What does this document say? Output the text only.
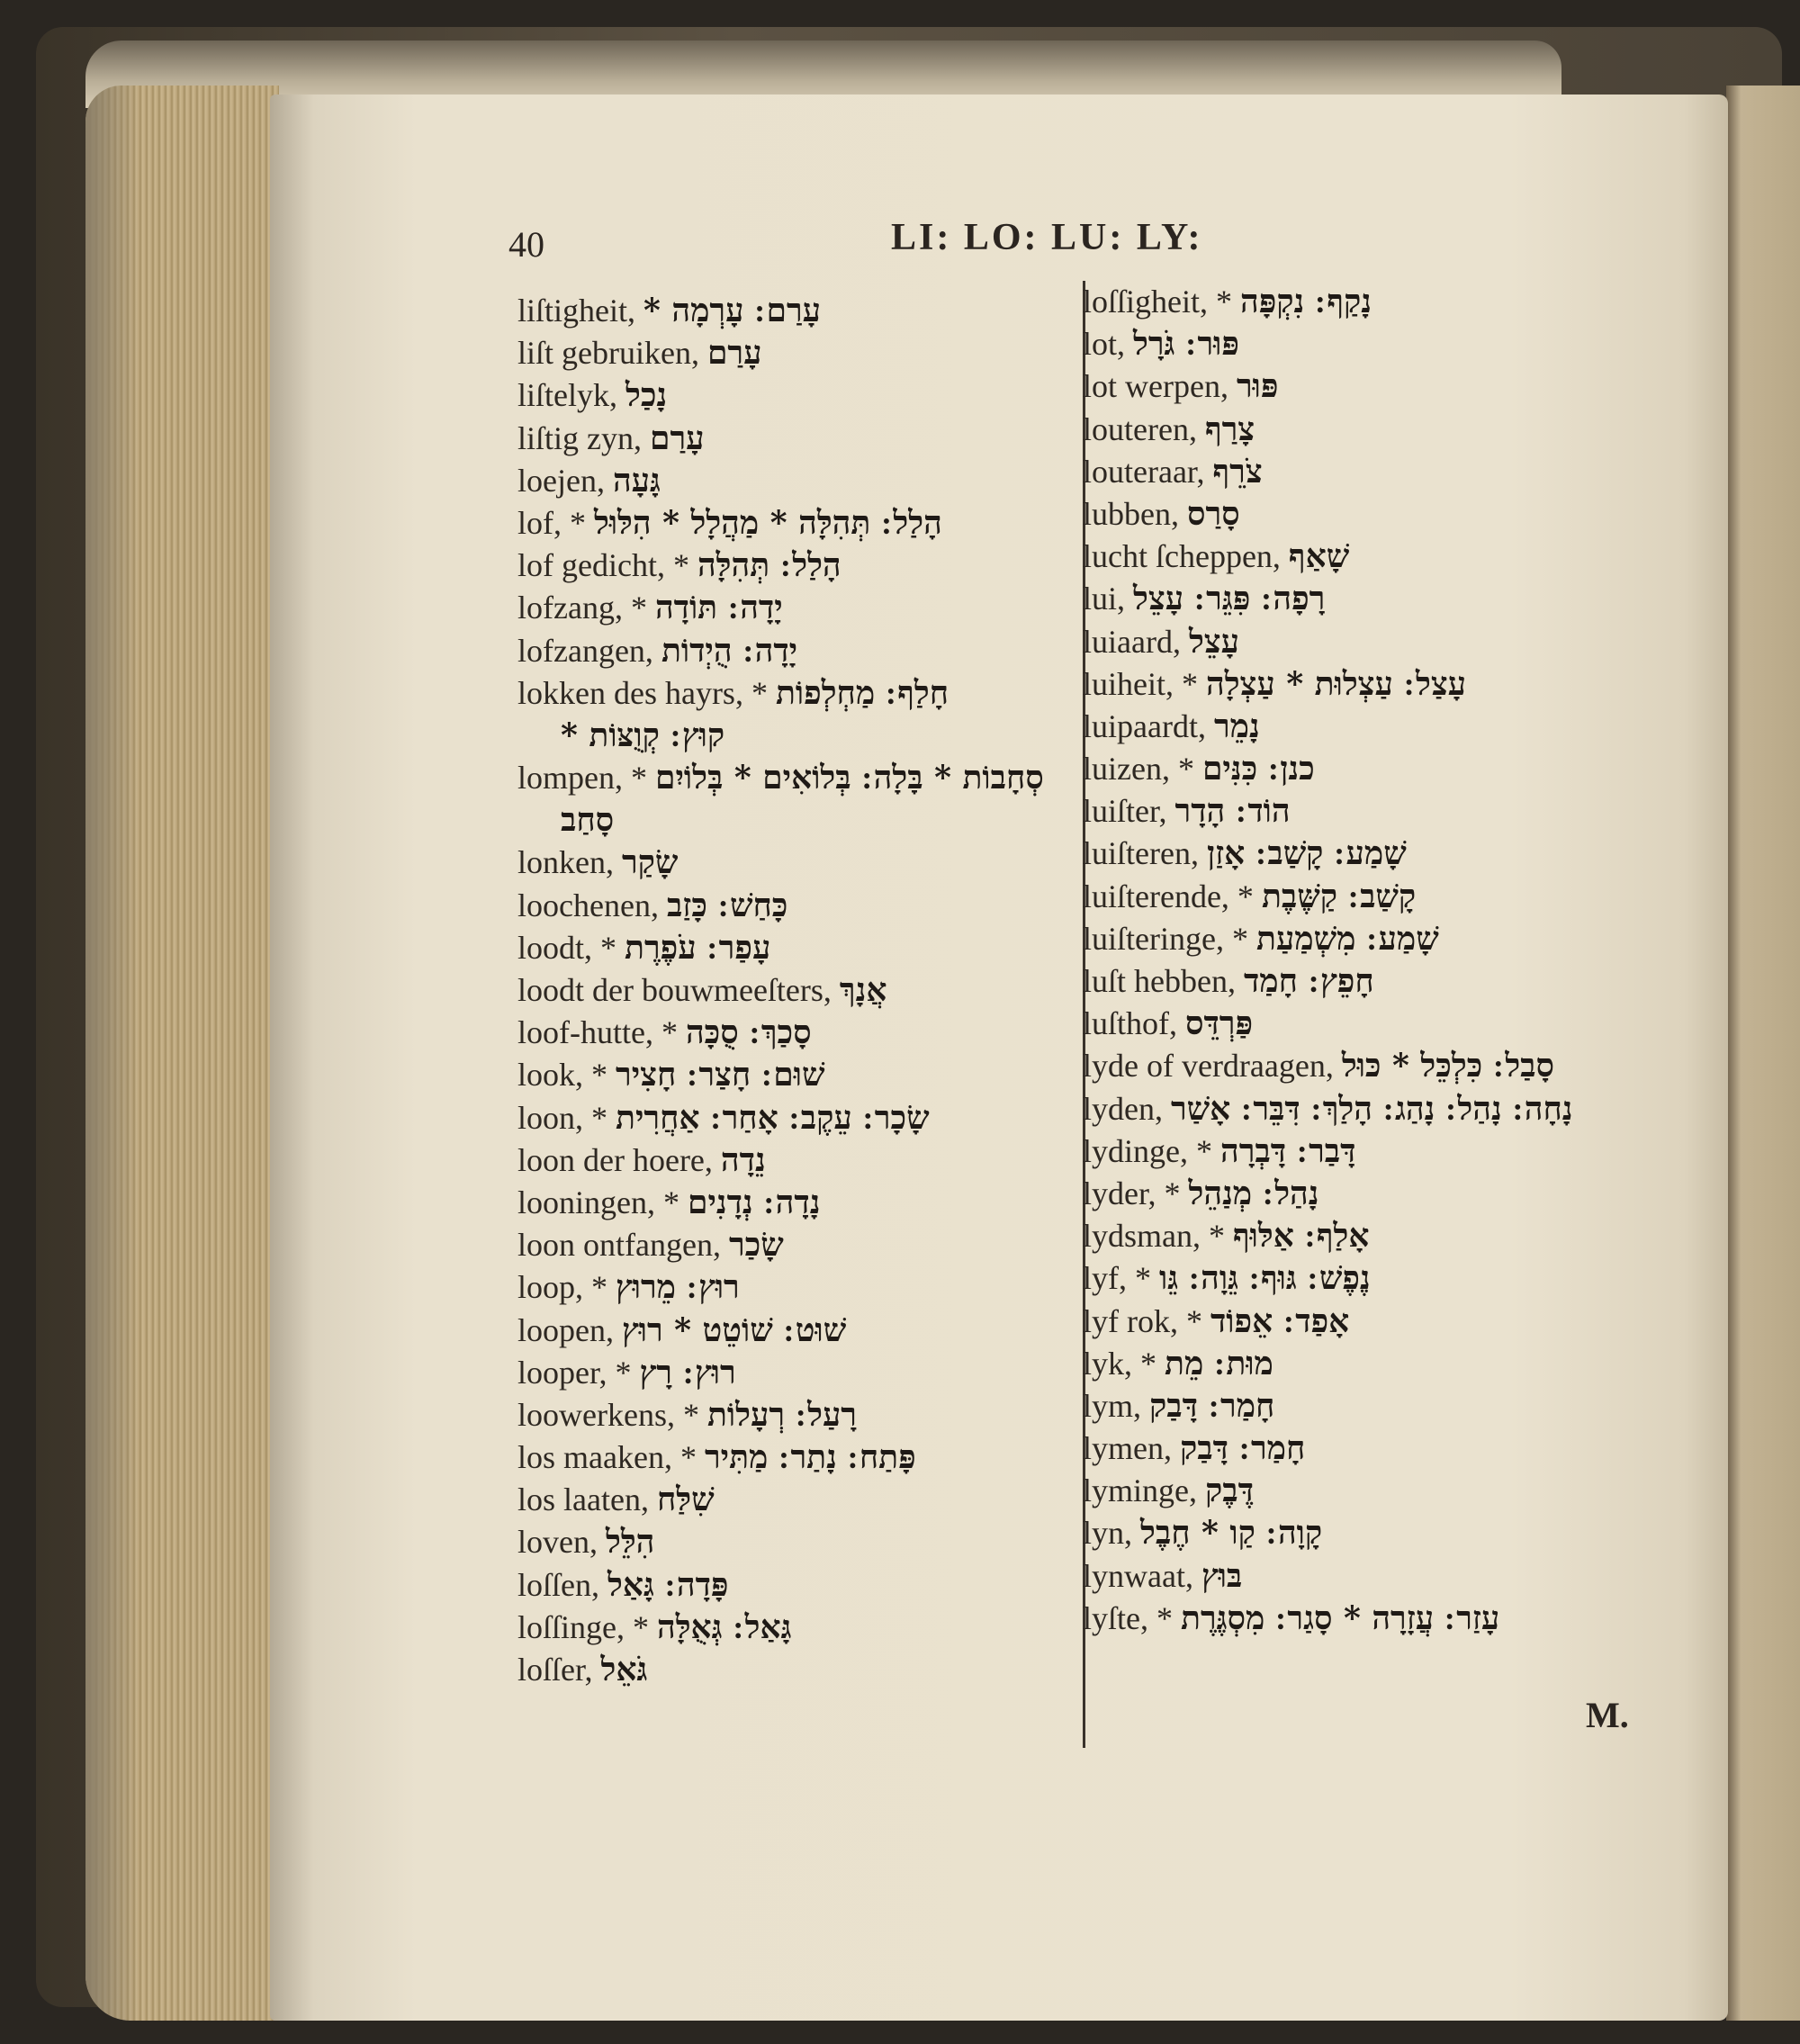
40	LI: LO: LU: LY:
liſtigheit, עָרַם ׃ עָרְמָה *
liſt gebruiken, עָרַם
liſtelyk, נָכַל
liſtig zyn, עָרַם
loejen, גָּעָה
lof, * הָלַל ׃ תְּהִלָּה * מַהֲלָל * הִלּוּל
lof gedicht, * הָלַל ׃ תְּהִלָּה
lofzang, * יָדָה ׃ תּוֹדָה
lofzangen, יָדָה ׃ הֻיְדוֹת
lokken des hayrs, * חָלַף ׃ מַחְלְפוֹת
קוּץ ׃ קְוֻצּוֹת *
lompen, * סְחָבוֹת * בָּלָה ׃ בְּלוֹאִים * בְּלוֹיִם
סָחַב
lonken, שָׂקַר
loochenen, כָּחַשׁ ׃ כָּזַב
loodt, * עָפַר ׃ עֹפֶרֶת
loodt der bouwmeeſters, אֲנָךְ
loof-hutte, * סָכַךְ ׃ סֻכָּה
look, * שׁוּם ׃ חָצַר ׃ חָצִיר
loon, * שָׂכָר ׃ עֵקֶב ׃ אָחַר ׃ אַחֲרִית
loon der hoere, נֵדָה
looningen, * נָדָה ׃ נְדָנִים
loon ontfangen, שָׂכַר
loop, * רוּץ ׃ מֵרוּץ
loopen, שׁוּט ׃ שׁוֹטֵט * רוּץ
looper, * רוּץ ׃ רָץ
loowerkens, * רָעַל ׃ רְעָלוֹת
los maaken, * פָּתַח ׃ נָתַר ׃ מַתִּיר
los laaten, שִׁלַּח
loven, הִלֵּל
loſſen, פָּדָה ׃ גָּאַל
loſſinge, * גָּאַל ׃ גְּאֻלָּה
loſſer, גֹּאֵל
loſſigheit, * נָקַף ׃ נִקְפָּה
lot, פּוּר ׃ גֹּרָל
lot werpen, פּוּר
louteren, צָרַף
louteraar, צֹרֵף
lubben, סָרַס
lucht ſcheppen, שָׁאַף
lui, רָפָה ׃ פִּגֵּר ׃ עָצֵל
luiaard, עָצֵל
luiheit, * עָצַל ׃ עַצְלוּת * עַצְלָה
luipaardt, נָמֵר
luizen, * כנן ׃ כִּנִּים
luiſter, הוֹד ׃ הָדָר
luiſteren, שָׁמַע ׃ קָשַׁב ׃ אָזַן
luiſterende, * קָשַׁב ׃ קַשֶּׁבֶת
luiſteringe, * שָׁמַע ׃ מִשְׁמַעַת
luſt hebben, חָפֵץ ׃ חָמַד
luſthof, פַּרְדֵּס
lyde of verdraagen, סָבַל ׃ כִּלְכֵּל * כּוּל
lyden, נָחָה ׃ נָהַל ׃ נָהַג ׃ הָלַךְ ׃ דִּבֵּר ׃ אָשַׁר
lydinge, * דָּבַר ׃ דָּבְרָה
lyder, * נָהַל ׃ מְנַהֵל
lydsman, * אָלַף ׃ אַלּוּף
lyf, * נֶפֶשׁ ׃ גּוּף ׃ גֵּוָה ׃ גֵּו
lyf rok, * אָפַד ׃ אֵפוֹד
lyk, * מוּת ׃ מֵת
lym, חָמַר ׃ דָּבַק
lymen, חָמַר ׃ דָּבַק
lyminge, דֶּבֶק
lyn, קָוָה ׃ קַו * חֶבֶל
lynwaat, בּוּץ
lyſte, * עָזַר ׃ עֲזָרָה * סָגַר ׃ מִסְגֶּרֶת
M.
